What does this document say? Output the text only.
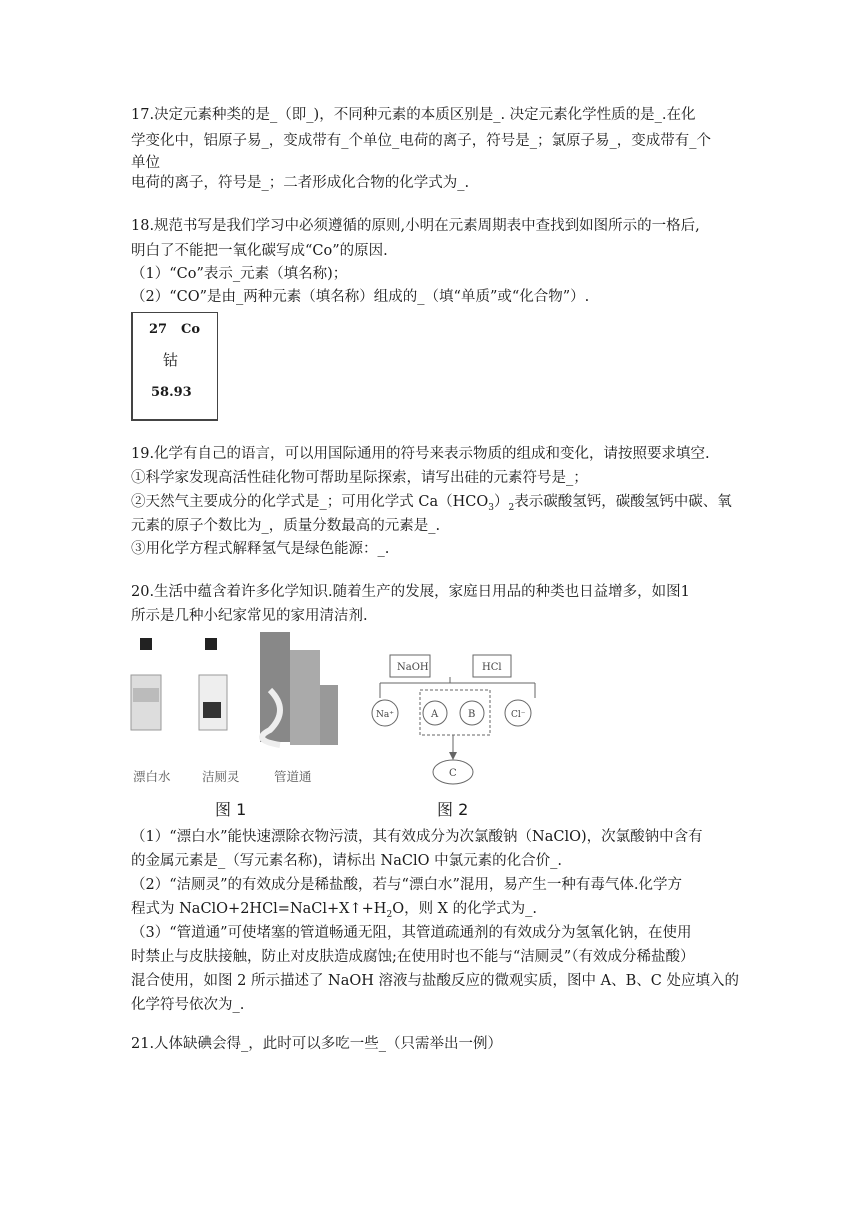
17.决定元素种类的是_（即_)，不同种元素的本质区别是_. 决定元素化学性质的是_.在化
学变化中，铝原子易_，变成带有_个单位_电荷的离子，符号是_；氯原子易_，变成带有_个
单位
电荷的离子，符号是_；二者形成化合物的化学式为_.
18.规范书写是我们学习中必须遵循的原则,小明在元素周期表中查找到如图所示的一格后,
明白了不能把一氧化碳写成“Co”的原因.
（1）“Co”表示_元素（填名称)；
（2）“CO”是由_两种元素（填名称）组成的_（填“单质”或“化合物”）.
27 Co
钴
58.93
19.化学有自己的语言，可以用国际通用的符号来表示物质的组成和变化，请按照要求填空.
①科学家发现高活性硅化物可帮助星际探索，请写出硅的元素符号是_；
②天然气主要成分的化学式是_；可用化学式 $Ca(HCO_3)_2$表示碳酸氢钙，碳酸氢钙中碳、氧
元素的原子个数比为_，质量分数最高的元素是_.
③用化学方程式解释氢气是绿色能源：_.
20.生活中蕴含着许多化学知识.随着生产的发展，家庭日用品的种类也日益增多，如图1
所示是几种小纪家常见的家用清洁剂.
漂白水	洁厕灵	管道通
NaOH	HCl
Na⁺	A	B	Cl⁻
C
图 1	图 2
（1）“漂白水”能快速漂除衣物污渍，其有效成分为次氯酸钠（NaClO)，次氯酸钠中含有
的金属元素是_（写元素名称)，请标出 NaClO 中氯元素的化合价_.
（2）“洁厕灵”的有效成分是稀盐酸，若与“漂白水”混用，易产生一种有毒气体.化学方
程式为 $NaClO+2HCl=NaCl+X↑+H_2O$，则 X 的化学式为_.
（3）“管道通”可使堵塞的管道畅通无阻，其管道疏通剂的有效成分为氢氧化钠，在使用
时禁止与皮肤接触，防止对皮肤造成腐蚀;在使用时也不能与“洁厕灵”（有效成分稀盐酸）
混合使用，如图 2 所示描述了 NaOH 溶液与盐酸反应的微观实质，图中 A、B、C 处应填入的
化学符号依次为_.
21.人体缺碘会得_，此时可以多吃一些_（只需举出一例）
